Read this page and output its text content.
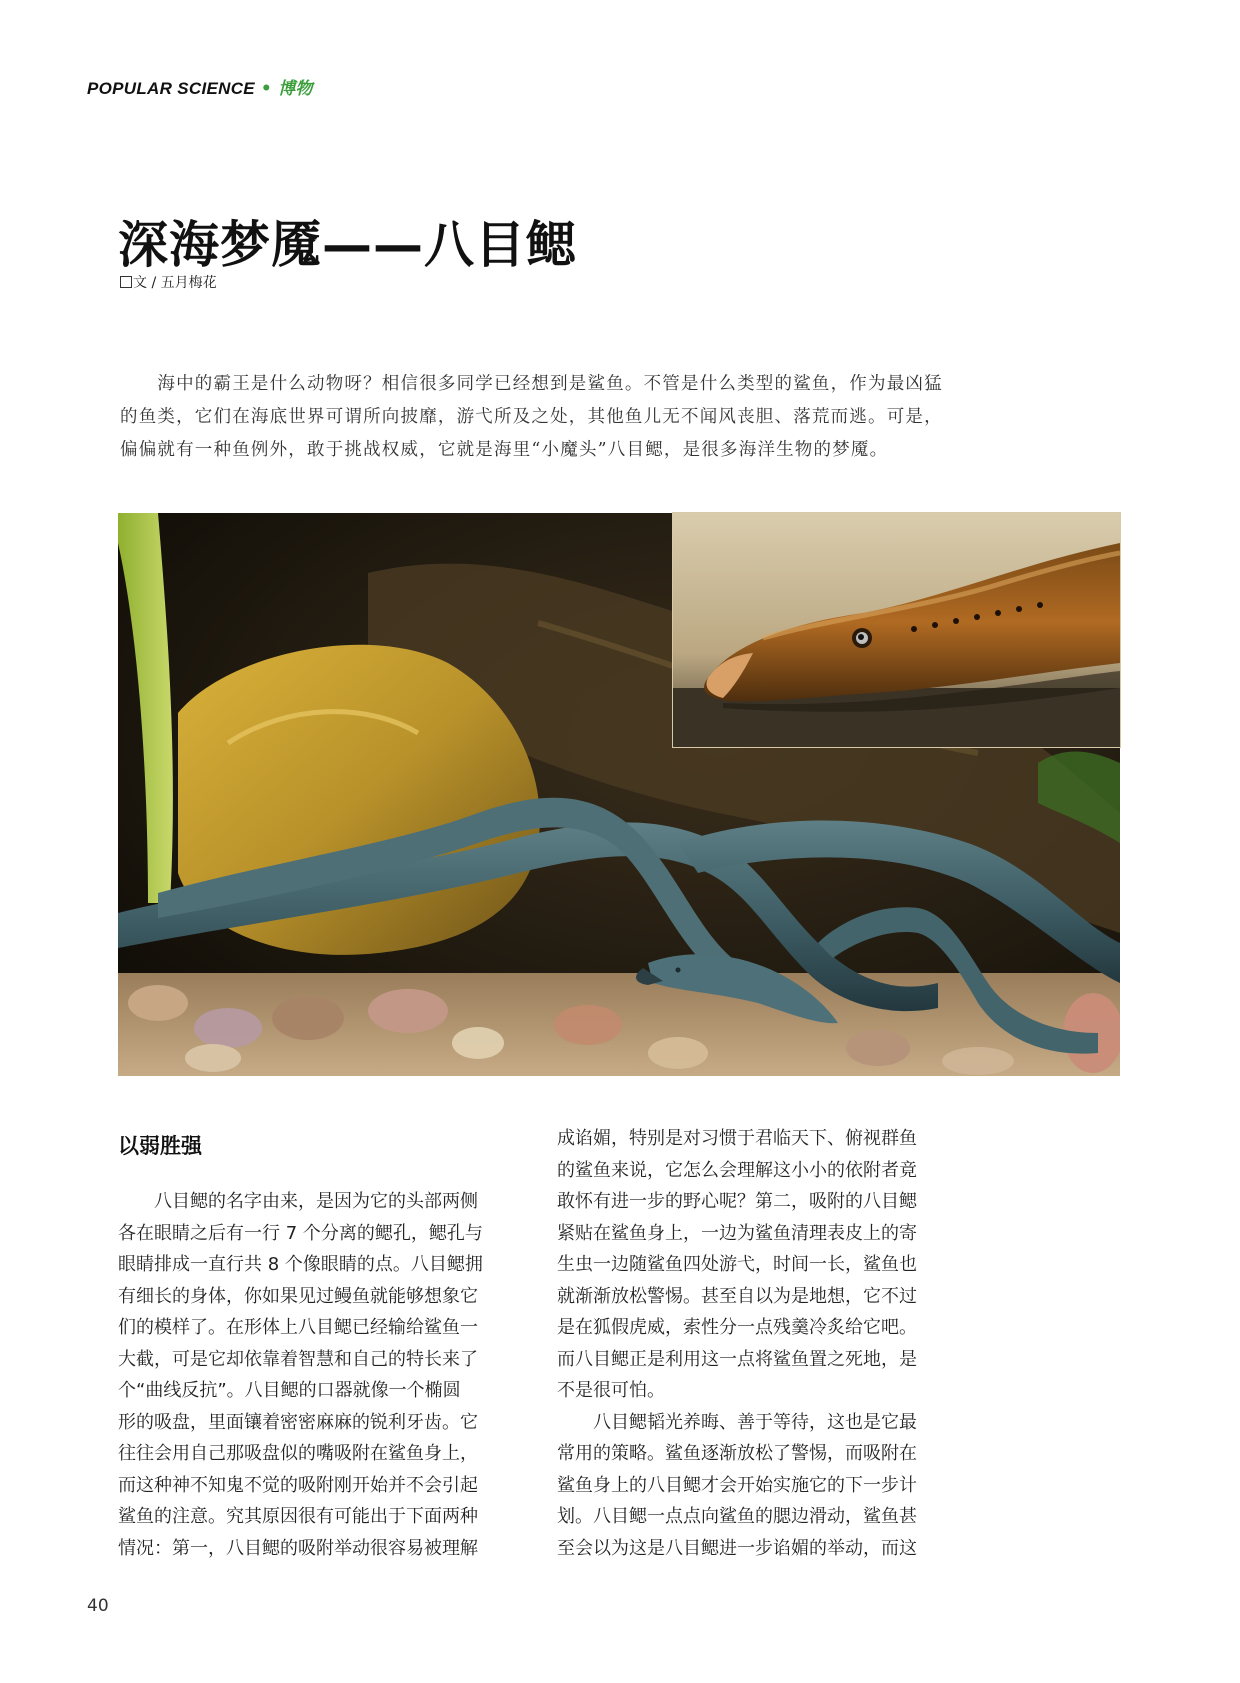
POPULAR SCIENCE • 博物
深海梦魇——八目鳃
文 / 五月梅花

　　海中的霸王是什么动物呀？相信很多同学已经想到是鲨鱼。不管是什么类型的鲨鱼，作为最凶猛
的鱼类，它们在海底世界可谓所向披靡，游弋所及之处，其他鱼儿无不闻风丧胆、落荒而逃。可是，
偏偏就有一种鱼例外，敢于挑战权威，它就是海里“小魔头”八目鳃，是很多海洋生物的梦魇。

以弱胜强
　　八目鳃的名字由来，是因为它的头部两侧
各在眼睛之后有一行 7 个分离的鳃孔，鳃孔与
眼睛排成一直行共 8 个像眼睛的点。八目鳃拥
有细长的身体，你如果见过鳗鱼就能够想象它
们的模样了。在形体上八目鳃已经输给鲨鱼一
大截，可是它却依靠着智慧和自己的特长来了
个“曲线反抗”。八目鳃的口器就像一个椭圆
形的吸盘，里面镶着密密麻麻的锐利牙齿。它
往往会用自己那吸盘似的嘴吸附在鲨鱼身上，
而这种神不知鬼不觉的吸附刚开始并不会引起
鲨鱼的注意。究其原因很有可能出于下面两种
情况：第一，八目鳃的吸附举动很容易被理解
成谄媚，特别是对习惯于君临天下、俯视群鱼
的鲨鱼来说，它怎么会理解这小小的依附者竟
敢怀有进一步的野心呢？第二，吸附的八目鳃
紧贴在鲨鱼身上，一边为鲨鱼清理表皮上的寄
生虫一边随鲨鱼四处游弋，时间一长，鲨鱼也
就渐渐放松警惕。甚至自以为是地想，它不过
是在狐假虎威，索性分一点残羹冷炙给它吧。
而八目鳃正是利用这一点将鲨鱼置之死地，是
不是很可怕。
　　八目鳃韬光养晦、善于等待，这也是它最
常用的策略。鲨鱼逐渐放松了警惕，而吸附在
鲨鱼身上的八目鳃才会开始实施它的下一步计
划。八目鳃一点点向鲨鱼的腮边滑动，鲨鱼甚
至会以为这是八目鳃进一步谄媚的举动，而这
40
